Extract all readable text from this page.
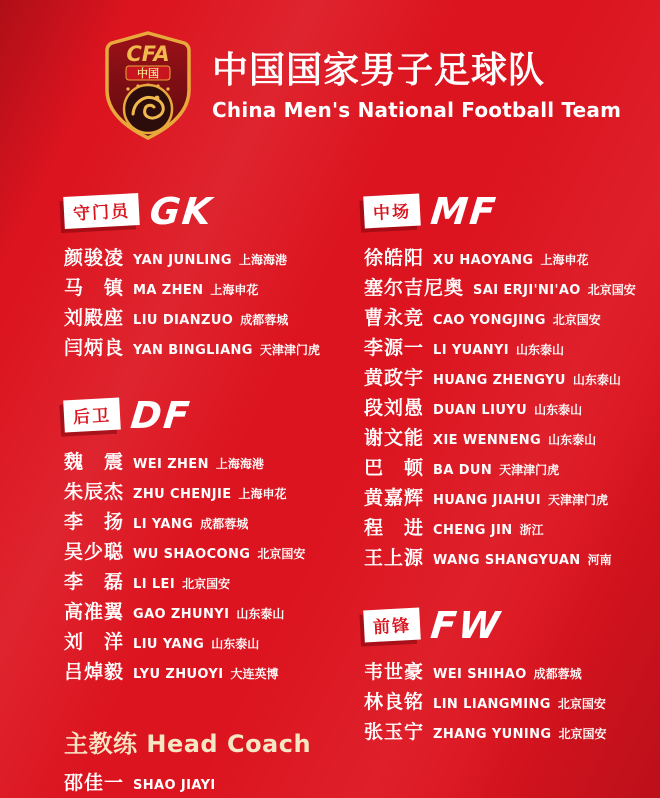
CFA
中国 中国国家男子足球队
China Men's National Football Team
守门员 GK
颜骏凌 YAN JUNLING 上海海港
马　镇 MA ZHEN 上海申花
刘殿座 LIU DIANZUO 成都蓉城
闫炳良 YAN BINGLIANG 天津津门虎
后卫 DF
魏　震 WEI ZHEN 上海海港
朱辰杰 ZHU CHENJIE 上海申花
李　扬 LI YANG 成都蓉城
吴少聪 WU SHAOCONG 北京国安
李　磊 LI LEI 北京国安
高准翼 GAO ZHUNYI 山东泰山
刘　洋 LIU YANG 山东泰山
吕焯毅 LYU ZHUOYI 大连英博
中场 MF
徐皓阳 XU HAOYANG 上海申花
塞尔吉尼奥 SAI ERJI'NI'AO 北京国安
曹永竞 CAO YONGJING 北京国安
李源一 LI YUANYI 山东泰山
黄政宇 HUANG ZHENGYU 山东泰山
段刘愚 DUAN LIUYU 山东泰山
谢文能 XIE WENNENG 山东泰山
巴　顿 BA DUN 天津津门虎
黄嘉辉 HUANG JIAHUI 天津津门虎
程　进 CHENG JIN 浙江
王上源 WANG SHANGYUAN 河南
前锋 FW
韦世豪 WEI SHIHAO 成都蓉城
林良铭 LIN LIANGMING 北京国安
张玉宁 ZHANG YUNING 北京国安
主教练 Head Coach
邵佳一 SHAO JIAYI
